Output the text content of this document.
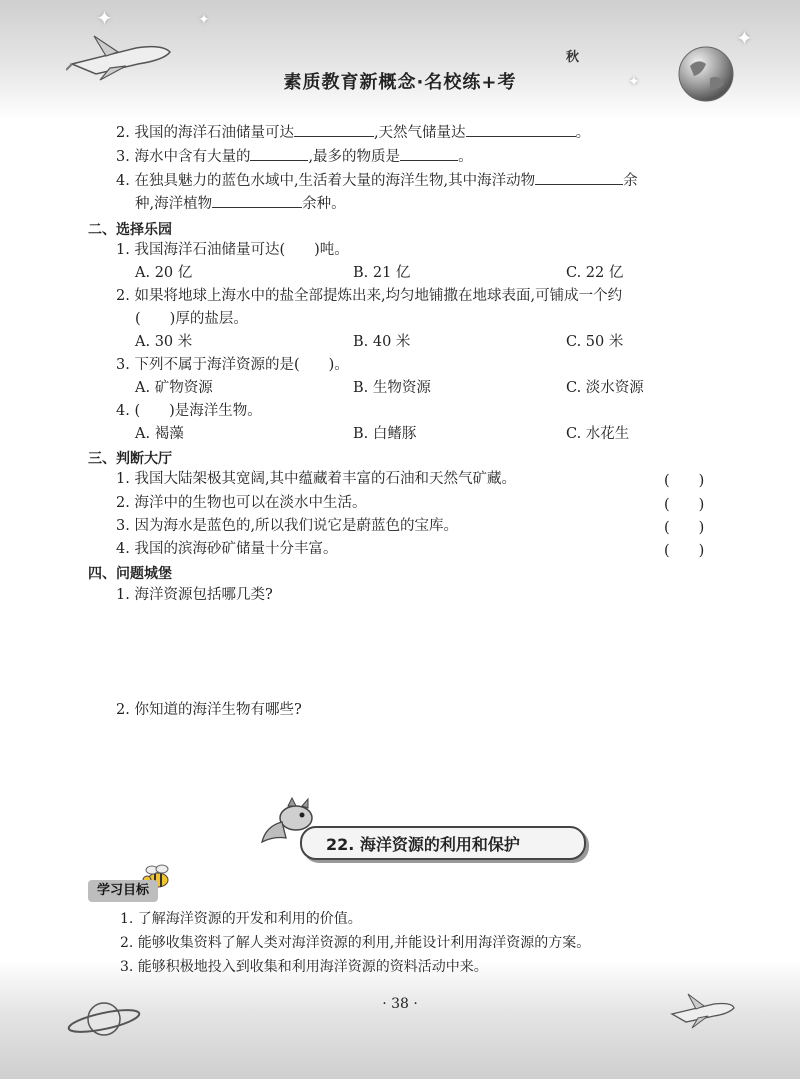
✦	✦
✦
✦
秋
素质教育新概念·名校练+考
2. 我国的海洋石油储量可达	,天然气储量达	。
3. 海水中含有大量的	,最多的物质是	。
4. 在独具魅力的蓝色水域中,生活着大量的海洋生物,其中海洋动物	余
种,海洋植物	余种。
二、选择乐园
1. 我国海洋石油储量可达(　　)吨。
A. 20 亿	B. 21 亿	C. 22 亿
2. 如果将地球上海水中的盐全部提炼出来,均匀地铺撒在地球表面,可铺成一个约
(　　)厚的盐层。
A. 30 米	B. 40 米	C. 50 米
3. 下列不属于海洋资源的是(　　)。
A. 矿物资源	B. 生物资源	C. 淡水资源
4. (　　)是海洋生物。
A. 褐藻	B. 白鳍豚	C. 水花生
三、判断大厅
1. 我国大陆架极其宽阔,其中蕴藏着丰富的石油和天然气矿藏。	(　　)
2. 海洋中的生物也可以在淡水中生活。	(　　)
3. 因为海水是蓝色的,所以我们说它是蔚蓝色的宝库。	(　　)
4. 我国的滨海砂矿储量十分丰富。	(　　)
四、问题城堡
1. 海洋资源包括哪几类?
2. 你知道的海洋生物有哪些?
22. 海洋资源的利用和保护
学习目标
1. 了解海洋资源的开发和利用的价值。
2. 能够收集资料了解人类对海洋资源的利用,并能设计利用海洋资源的方案。
3. 能够积极地投入到收集和利用海洋资源的资料活动中来。
· 38 ·
